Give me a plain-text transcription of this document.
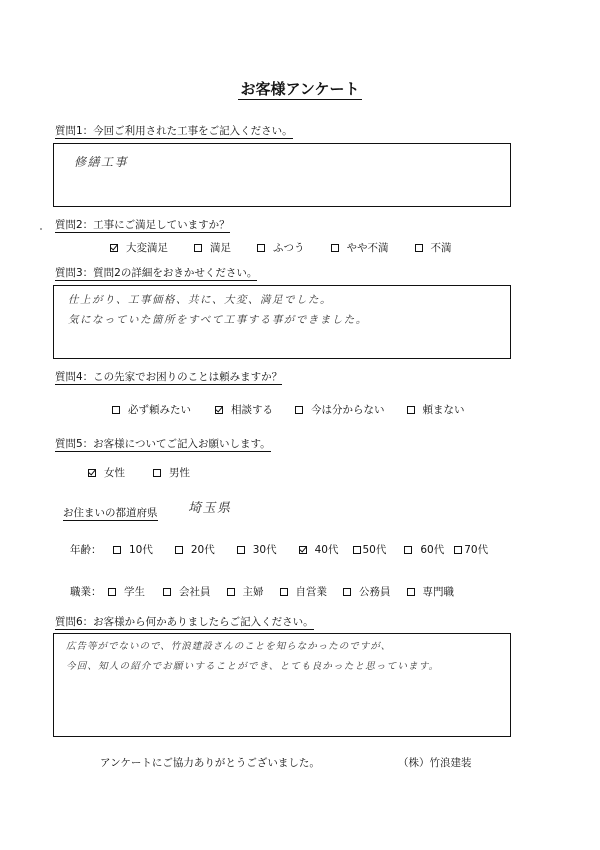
お客様アンケート
質問1：今回ご利用された工事をご記入ください。
修繕工事
質問2：工事にご満足していますか？
大変満足	満足	ふつう	やや不満	不満
質問3：質問2の詳細をおきかせください。
仕上がり、工事価格、共に、大変、満足でした。
気になっていた箇所をすべて工事する事ができました。
質問4：この先家でお困りのことは頼みますか？
必ず頼みたい	相談する	今は分からない	頼まない
質問5：お客様についてご記入お願いします。
女性	男性
お住まいの都道府県 埼玉県
年齢：	10代	20代	30代	40代 50代	60代 70代
職業： 学生	会社員	主婦	自営業	公務員	専門職
質問6：お客様から何かありましたらご記入ください。
広告等がでないので、竹浪建設さんのことを知らなかったのですが、
今回、知人の紹介でお願いすることができ、とても良かったと思っています。
アンケートにご協力ありがとうございました。	（株）竹浪建装
